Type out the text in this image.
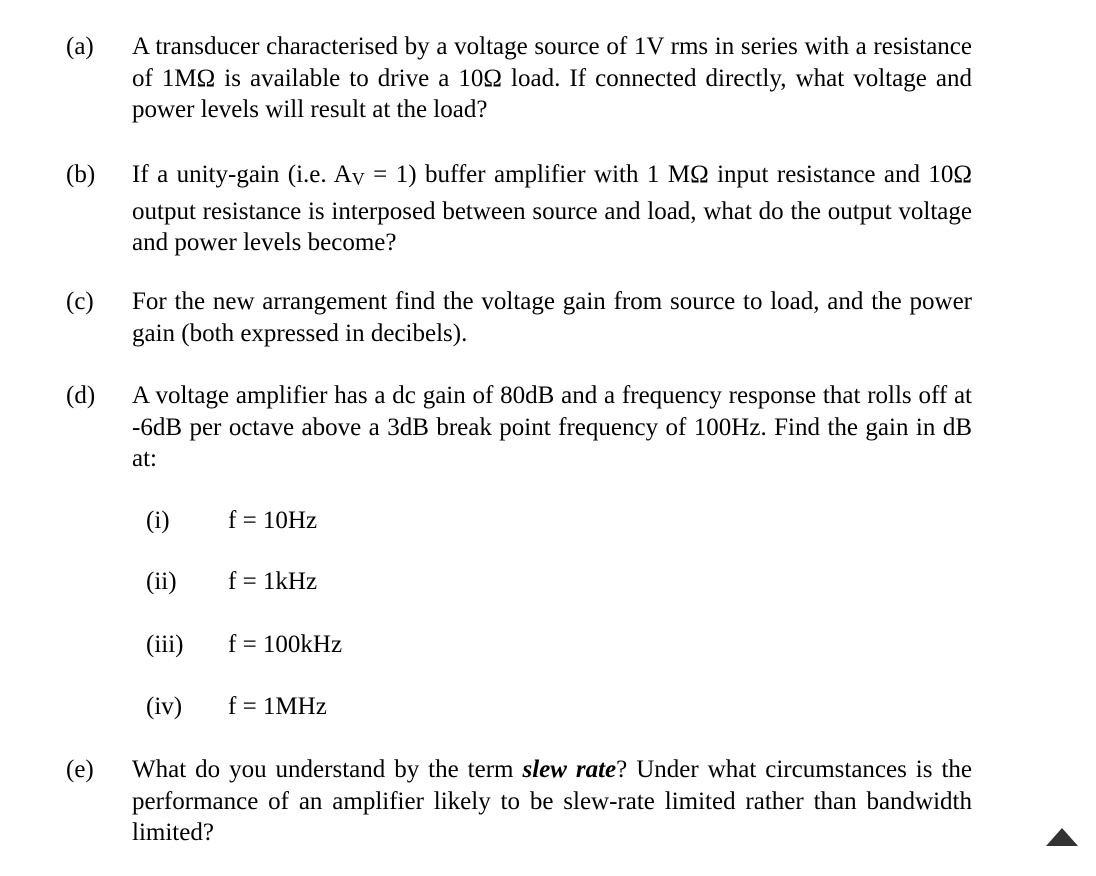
(a) A transducer characterised by a voltage source of 1V rms in series with a resistance of 1MΩ is available to drive a 10Ω load. If connected directly, what voltage and power levels will result at the load?
(b) If a unity-gain (i.e. AV = 1) buffer amplifier with 1 MΩ input resistance and 10Ω output resistance is interposed between source and load, what do the output voltage and power levels become?
(c) For the new arrangement find the voltage gain from source to load, and the power gain (both expressed in decibels).
(d) A voltage amplifier has a dc gain of 80dB and a frequency response that rolls off at -6dB per octave above a 3dB break point frequency of 100Hz. Find the gain in dB at:
(i) f = 10Hz
(ii) f = 1kHz
(iii) f = 100kHz
(iv) f = 1MHz
(e) What do you understand by the term slew rate? Under what circumstances is the performance of an amplifier likely to be slew-rate limited rather than bandwidth limited?
